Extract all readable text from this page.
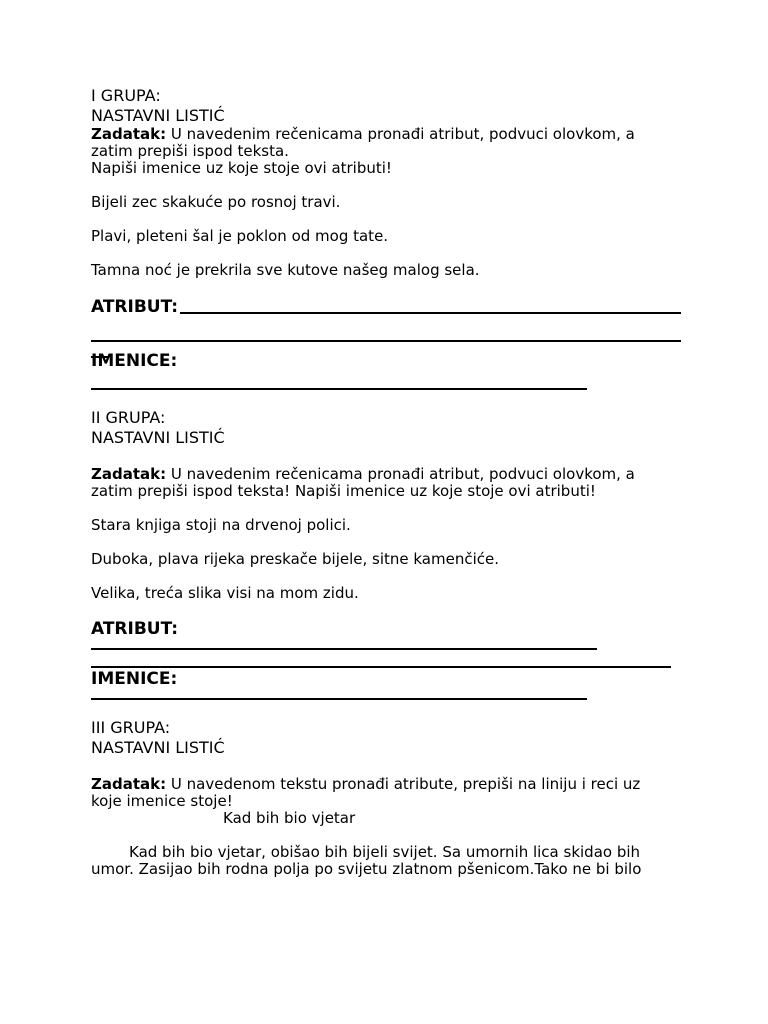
I GRUPA:
NASTAVNI LISTIĆ
Zadatak: U navedenim rečenicama pronađi atribut, podvuci olovkom, a
zatim prepiši ispod teksta.
Napiši imenice uz koje stoje ovi atributi!
Bijeli zec skakuće po rosnoj travi.
Plavi, pleteni šal je poklon od mog tate.
Tamna noć je prekrila sve kutove našeg malog sela.
ATRIBUT:
IMENICE:
II GRUPA:
NASTAVNI LISTIĆ
Zadatak: U navedenim rečenicama pronađi atribut, podvuci olovkom, a
zatim prepiši ispod teksta! Napiši imenice uz koje stoje ovi atributi!
Stara knjiga stoji na drvenoj polici.
Duboka, plava rijeka preskače bijele, sitne kamenčiće.
Velika, treća slika visi na mom zidu.
ATRIBUT:
IMENICE:
III GRUPA:
NASTAVNI LISTIĆ
Zadatak: U navedenom tekstu pronađi atribute, prepiši na liniju i reci uz
koje imenice stoje!
Kad bih bio vjetar
Kad bih bio vjetar, obišao bih bijeli svijet. Sa umornih lica skidao bih
umor. Zasijao bih rodna polja po svijetu zlatnom pšenicom.Tako ne bi bilo
